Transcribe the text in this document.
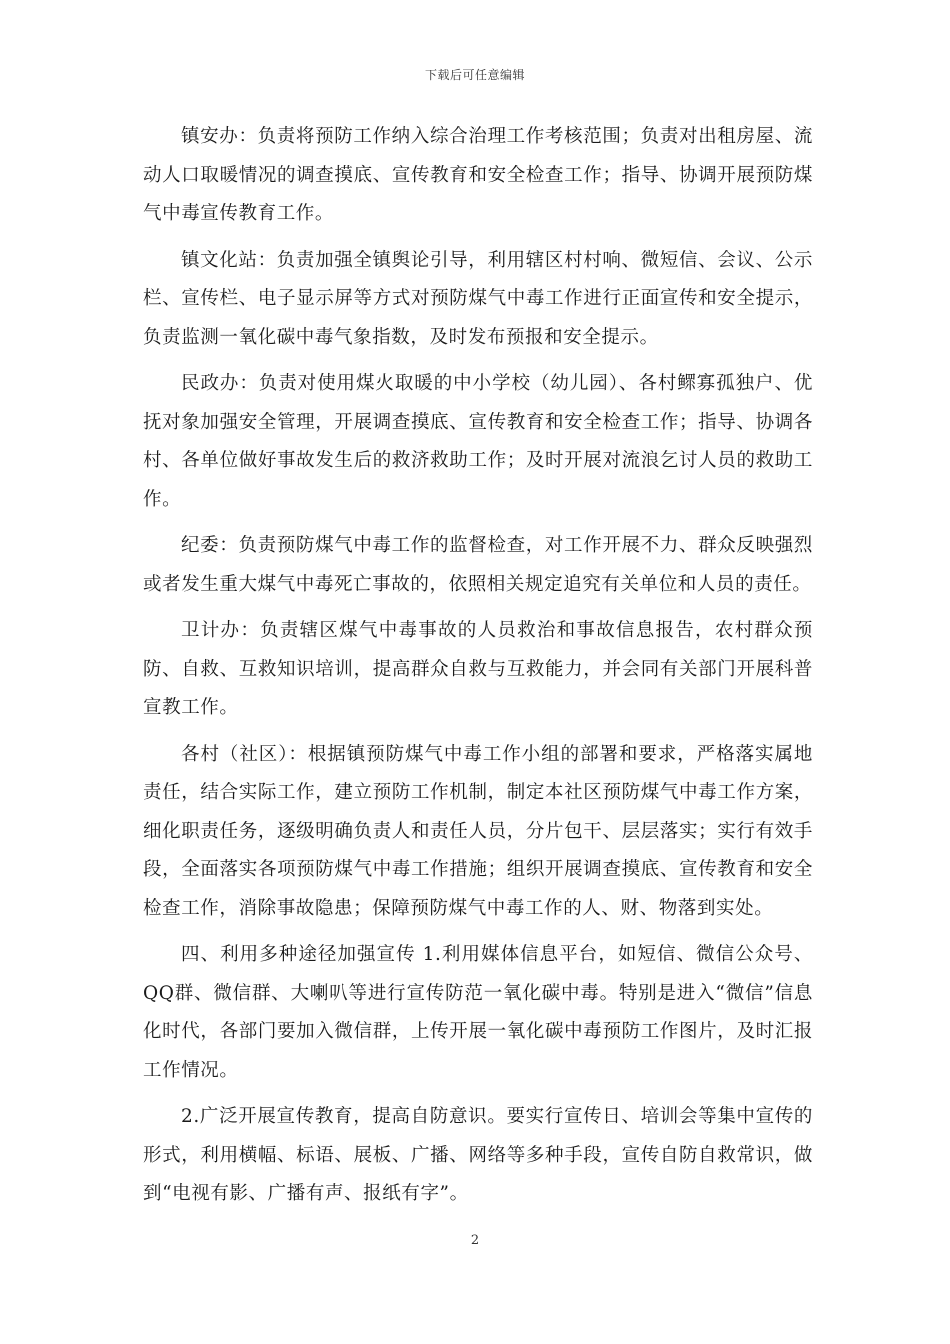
下载后可任意编辑

镇安办：负责将预防工作纳入综合治理工作考核范围；负责对出租房屋、流动人口取暖情况的调查摸底、宣传教育和安全检查工作；指导、协调开展预防煤气中毒宣传教育工作。

镇文化站：负责加强全镇舆论引导，利用辖区村村响、微短信、会议、公示栏、宣传栏、电子显示屏等方式对预防煤气中毒工作进行正面宣传和安全提示，负责监测一氧化碳中毒气象指数，及时发布预报和安全提示。

民政办：负责对使用煤火取暖的中小学校（幼儿园）、各村鳏寡孤独户、优抚对象加强安全管理，开展调查摸底、宣传教育和安全检查工作；指导、协调各村、各单位做好事故发生后的救济救助工作；及时开展对流浪乞讨人员的救助工作。

纪委：负责预防煤气中毒工作的监督检查，对工作开展不力、群众反映强烈或者发生重大煤气中毒死亡事故的，依照相关规定追究有关单位和人员的责任。

卫计办：负责辖区煤气中毒事故的人员救治和事故信息报告，农村群众预防、自救、互救知识培训，提高群众自救与互救能力，并会同有关部门开展科普宣教工作。

各村（社区）：根据镇预防煤气中毒工作小组的部署和要求，严格落实属地责任，结合实际工作，建立预防工作机制，制定本社区预防煤气中毒工作方案，细化职责任务，逐级明确负责人和责任人员，分片包干、层层落实；实行有效手段，全面落实各项预防煤气中毒工作措施；组织开展调查摸底、宣传教育和安全检查工作，消除事故隐患；保障预防煤气中毒工作的人、财、物落到实处。

四、利用多种途径加强宣传 1.利用媒体信息平台，如短信、微信公众号、QQ群、微信群、大喇叭等进行宣传防范一氧化碳中毒。特别是进入“微信”信息化时代，各部门要加入微信群，上传开展一氧化碳中毒预防工作图片，及时汇报工作情况。

2.广泛开展宣传教育，提高自防意识。要实行宣传日、培训会等集中宣传的形式，利用横幅、标语、展板、广播、网络等多种手段，宣传自防自救常识，做到“电视有影、广播有声、报纸有字”。

2
